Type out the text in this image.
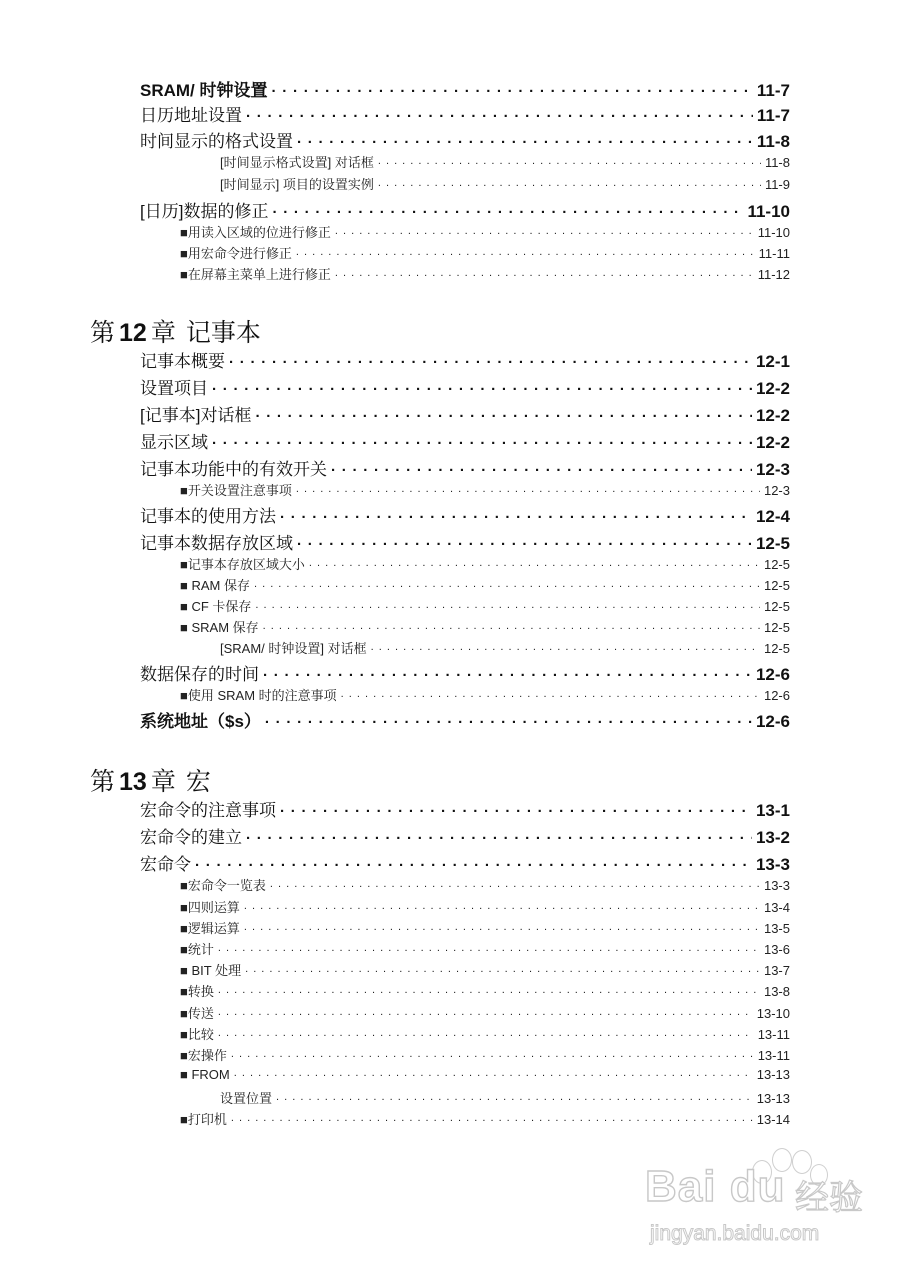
SRAM/ 时钟设置 . . .	11-7
日历地址设置 . . .	11-7
时间显示的格式设置 . . .	11-8
[时间显示格式设置] 对话框 . . .	11-8
[时间显示] 项目的设置实例 . . .	11-9
[日历]数据的修正 . . .	11-10
■用读入区域的位进行修正 . . .	11-10
■用宏命令进行修正 . . .	11-11
■在屏幕主菜单上进行修正 . . .	11-12
第 12 章 记事本
记事本概要 . . .	12-1
设置项目 . . .	12-2
[记事本]对话框 . . .	12-2
显示区域 . . .	12-2
记事本功能中的有效开关 . . .	12-3
■开关设置注意事项 . . .	12-3
记事本的使用方法 . . .	12-4
记事本数据存放区域 . . .	12-5
■记事本存放区域大小 . . .	12-5
■ RAM 保存 . . .	12-5
■ CF 卡保存 . . .	12-5
■ SRAM 保存 . . .	12-5
[SRAM/ 时钟设置] 对话框 . . .	12-5
数据保存的时间 . . .	12-6
■使用 SRAM 时的注意事项 . . .	12-6
系统地址（$s） . . .	12-6
第 13 章 宏
宏命令的注意事项 . . .	13-1
宏命令的建立 . . .	13-2
宏命令 . . .	13-3
■宏命令一览表 . . .	13-3
■四则运算 . . .	13-4
■逻辑运算 . . .	13-5
■统计 . . .	13-6
■ BIT 处理 . . .	13-7
■转换 . . .	13-8
■传送 . . .	13-10
■比较 . . .	13-11
■宏操作 . . .	13-11
■ FROM . . .	13-13
设置位置 . . .	13-13
■打印机 . . .	13-14
Bai du 经验
jingyan.baidu.com
